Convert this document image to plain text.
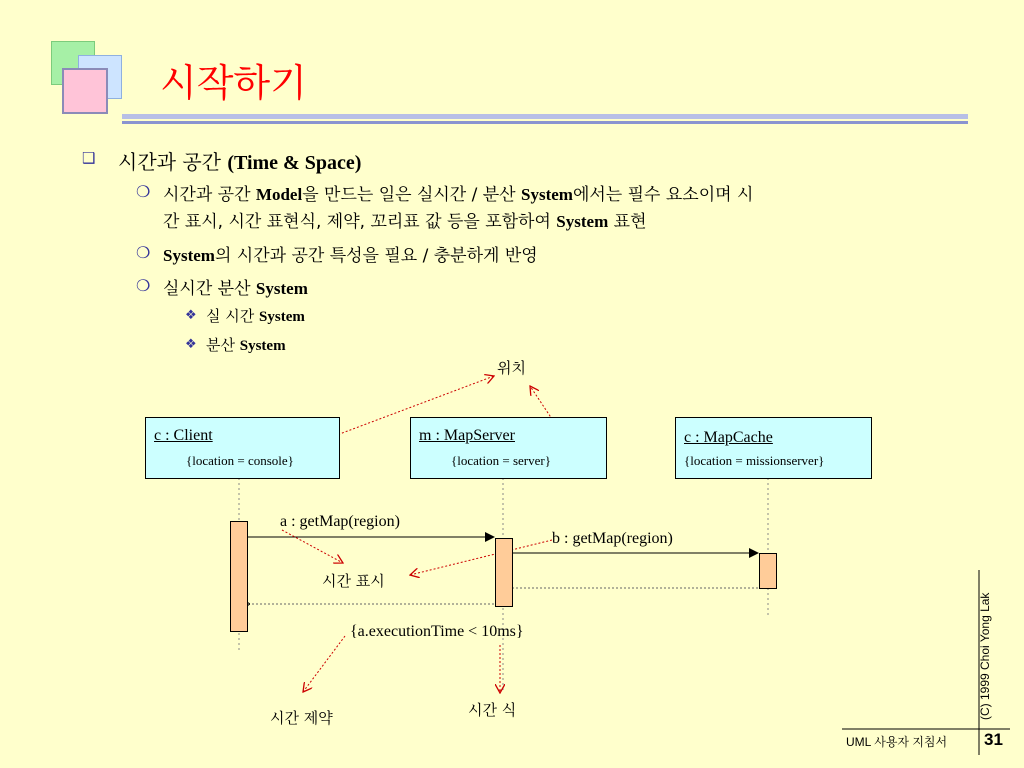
시작하기
❑ 시간과 공간 (Time & Space)
❍ 시간과 공간 Model을 만드는 일은 실시간 / 분산 System에서는 필수 요소이며 시
간 표시, 시간 표현식, 제약, 꼬리표 값 등을 포함하여 System 표현
❍ System의 시간과 공간 특성을 필요 / 충분하게 반영
❍ 실시간 분산 System
❖ 실 시간 System
❖ 분산 System
c : Client
{location = console}
m : MapServer
{location = server}
c : MapCache
{location = missionserver}
a : getMap(region)
b : getMap(region)
{a.executionTime < 10ms}
위치
시간 표시
시간 제약	시간 식	(C) 1999 Choi Yong Lak
UML 사용자 지침서 31
